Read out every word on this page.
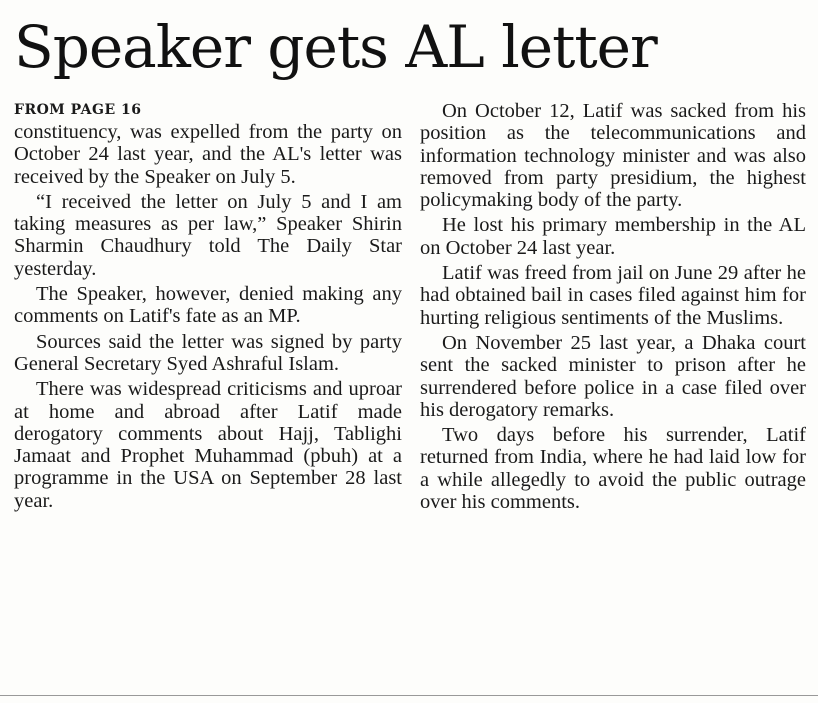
Speaker gets AL letter
FROM PAGE 16

constituency, was expelled from the party on October 24 last year, and the AL's letter was received by the Speaker on July 5.

“I received the letter on July 5 and I am taking measures as per law,” Speaker Shirin Sharmin Chaudhury told The Daily Star yesterday.

The Speaker, however, denied making any comments on Latif's fate as an MP.

Sources said the letter was signed by party General Secretary Syed Ashraful Islam.

There was widespread criticisms and uproar at home and abroad after Latif made derogatory comments about Hajj, Tablighi Jamaat and Prophet Muhammad (pbuh) at a programme in the USA on September 28 last year.

On October 12, Latif was sacked from his position as the telecommunications and information technology minister and was also removed from party presidium, the highest policymaking body of the party.

He lost his primary membership in the AL on October 24 last year.

Latif was freed from jail on June 29 after he had obtained bail in cases filed against him for hurting religious sentiments of the Muslims.

On November 25 last year, a Dhaka court sent the sacked minister to prison after he surrendered before police in a case filed over his derogatory remarks.

Two days before his surrender, Latif returned from India, where he had laid low for a while allegedly to avoid the public outrage over his comments.
